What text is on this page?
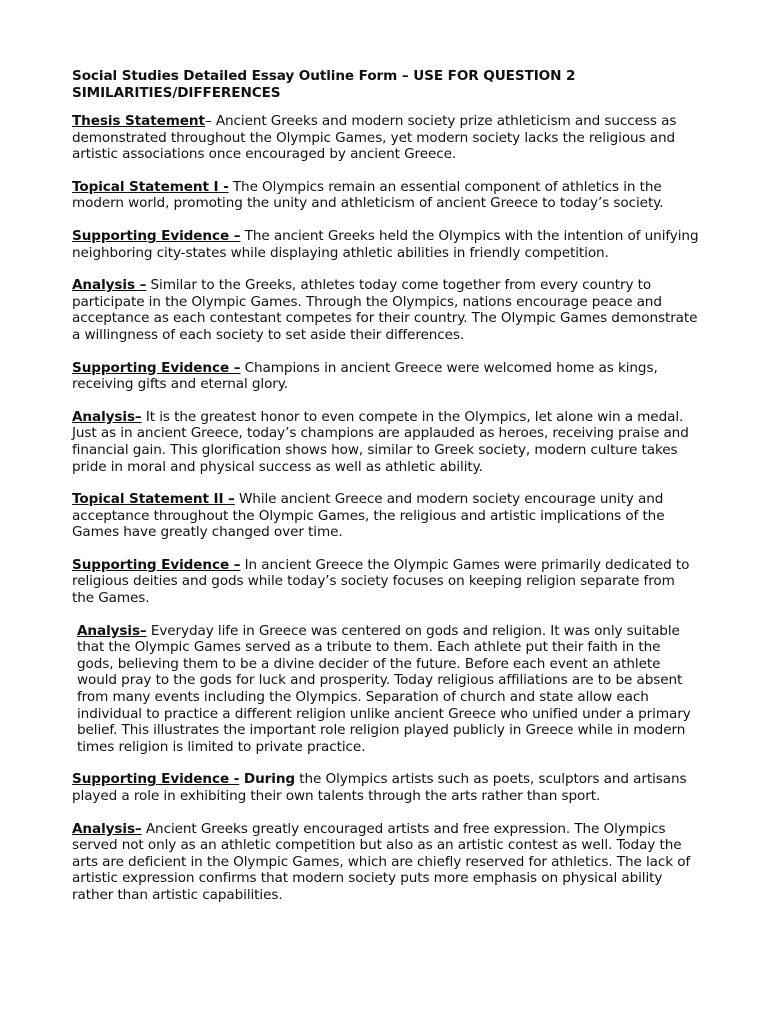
Social Studies Detailed Essay Outline Form – USE FOR QUESTION 2
SIMILARITIES/DIFFERENCES
Thesis Statement– Ancient Greeks and modern society prize athleticism and success as demonstrated throughout the Olympic Games, yet modern society lacks the religious and artistic associations once encouraged by ancient Greece.
Topical Statement I - The Olympics remain an essential component of athletics in the modern world, promoting the unity and athleticism of ancient Greece to today’s society.
Supporting Evidence – The ancient Greeks held the Olympics with the intention of unifying neighboring city-states while displaying athletic abilities in friendly competition.
Analysis – Similar to the Greeks, athletes today come together from every country to participate in the Olympic Games. Through the Olympics, nations encourage peace and acceptance as each contestant competes for their country. The Olympic Games demonstrate a willingness of each society to set aside their differences.
Supporting Evidence – Champions in ancient Greece were welcomed home as kings, receiving gifts and eternal glory.
Analysis– It is the greatest honor to even compete in the Olympics, let alone win a medal. Just as in ancient Greece, today’s champions are applauded as heroes, receiving praise and financial gain. This glorification shows how, similar to Greek society, modern culture takes pride in moral and physical success as well as athletic ability.
Topical Statement II – While ancient Greece and modern society encourage unity and acceptance throughout the Olympic Games, the religious and artistic implications of the Games have greatly changed over time.
Supporting Evidence – In ancient Greece the Olympic Games were primarily dedicated to religious deities and gods while today’s society focuses on keeping religion separate from the Games.
Analysis– Everyday life in Greece was centered on gods and religion. It was only suitable that the Olympic Games served as a tribute to them. Each athlete put their faith in the gods, believing them to be a divine decider of the future. Before each event an athlete would pray to the gods for luck and prosperity. Today religious affiliations are to be absent from many events including the Olympics. Separation of church and state allow each individual to practice a different religion unlike ancient Greece who unified under a primary belief. This illustrates the important role religion played publicly in Greece while in modern times religion is limited to private practice.
Supporting Evidence - During the Olympics artists such as poets, sculptors and artisans played a role in exhibiting their own talents through the arts rather than sport.
Analysis– Ancient Greeks greatly encouraged artists and free expression. The Olympics served not only as an athletic competition but also as an artistic contest as well. Today the arts are deficient in the Olympic Games, which are chiefly reserved for athletics. The lack of artistic expression confirms that modern society puts more emphasis on physical ability rather than artistic capabilities.
